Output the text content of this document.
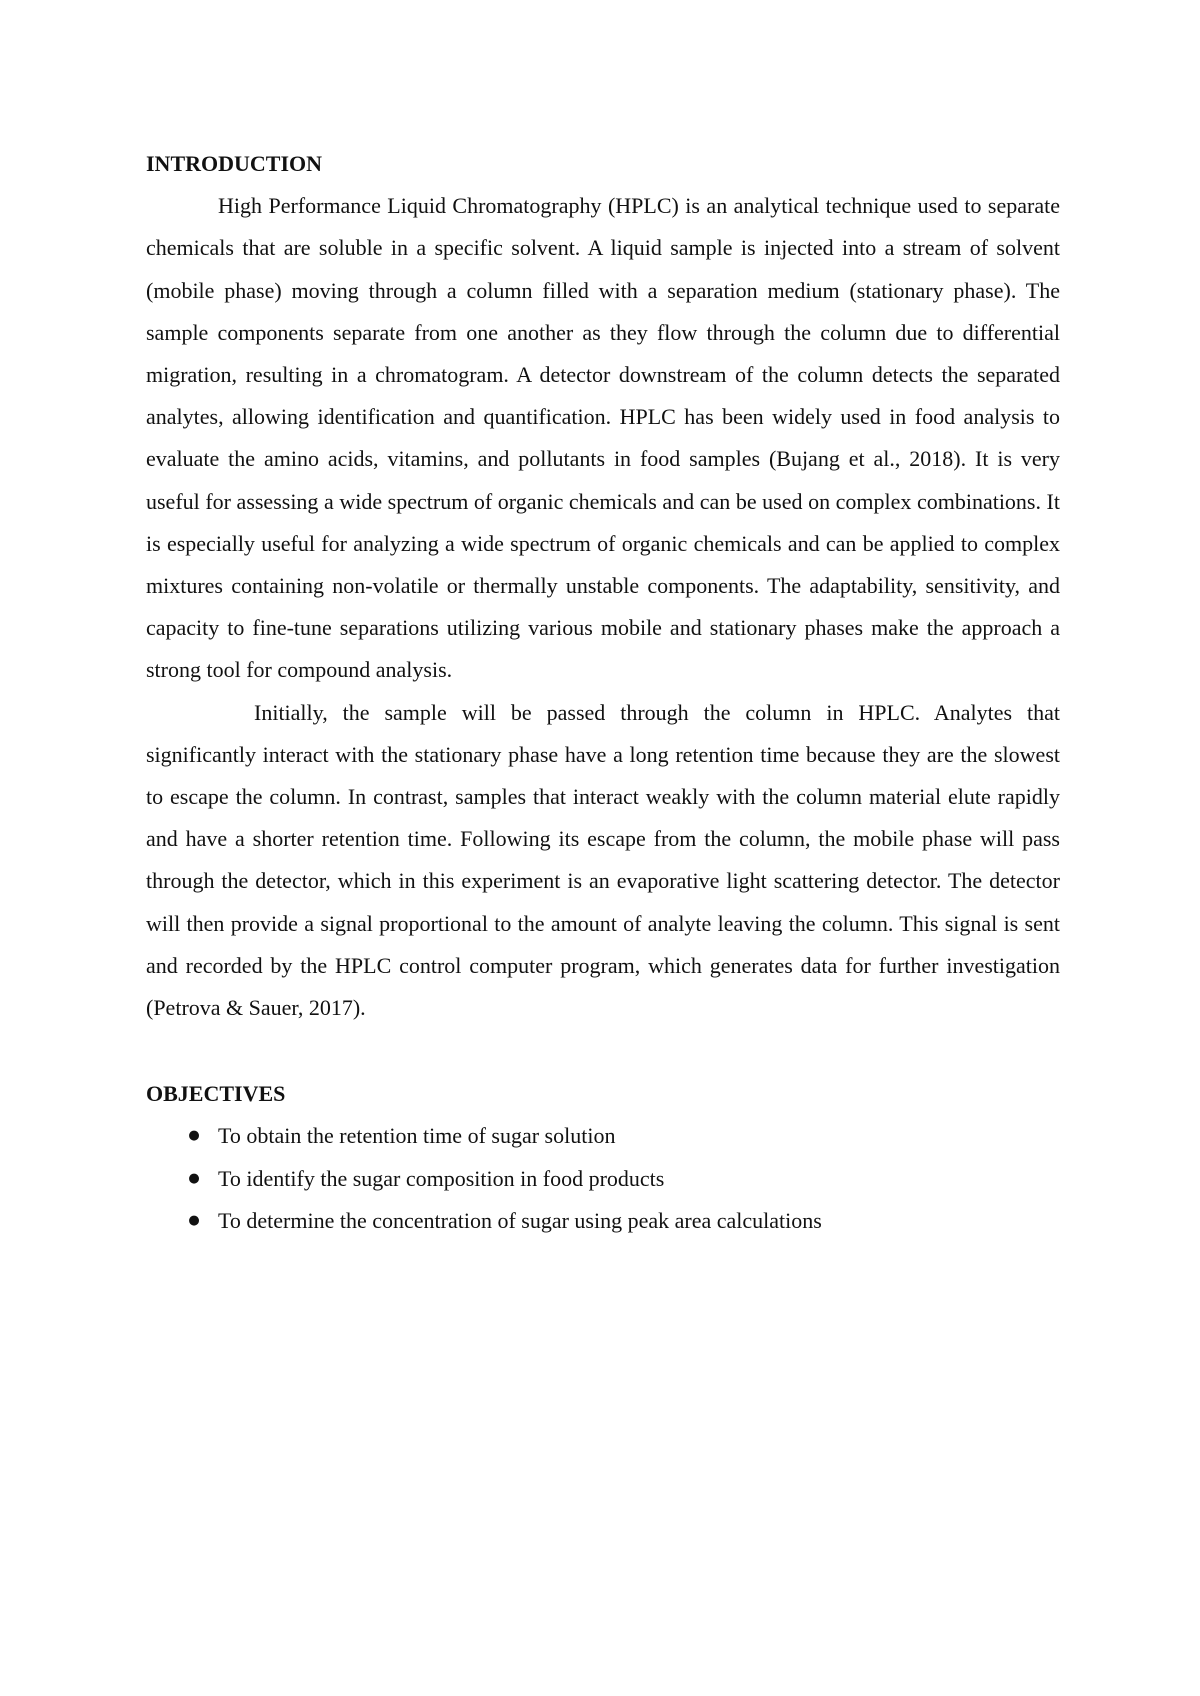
INTRODUCTION

High Performance Liquid Chromatography (HPLC) is an analytical technique used to separate chemicals that are soluble in a specific solvent. A liquid sample is injected into a stream of solvent (mobile phase) moving through a column filled with a separation medium (stationary phase). The sample components separate from one another as they flow through the column due to differential migration, resulting in a chromatogram. A detector downstream of the column detects the separated analytes, allowing identification and quantification. HPLC has been widely used in food analysis to evaluate the amino acids, vitamins, and pollutants in food samples (Bujang et al., 2018). It is very useful for assessing a wide spectrum of organic chemicals and can be used on complex combinations. It is especially useful for analyzing a wide spectrum of organic chemicals and can be applied to complex mixtures containing non-volatile or thermally unstable components. The adaptability, sensitivity, and capacity to fine-tune separations utilizing various mobile and stationary phases make the approach a strong tool for compound analysis.

Initially, the sample will be passed through the column in HPLC. Analytes that significantly interact with the stationary phase have a long retention time because they are the slowest to escape the column. In contrast, samples that interact weakly with the column material elute rapidly and have a shorter retention time. Following its escape from the column, the mobile phase will pass through the detector, which in this experiment is an evaporative light scattering detector. The detector will then provide a signal proportional to the amount of analyte leaving the column. This signal is sent and recorded by the HPLC control computer program, which generates data for further investigation (Petrova & Sauer, 2017).

OBJECTIVES
● To obtain the retention time of sugar solution
● To identify the sugar composition in food products
● To determine the concentration of sugar using peak area calculations
